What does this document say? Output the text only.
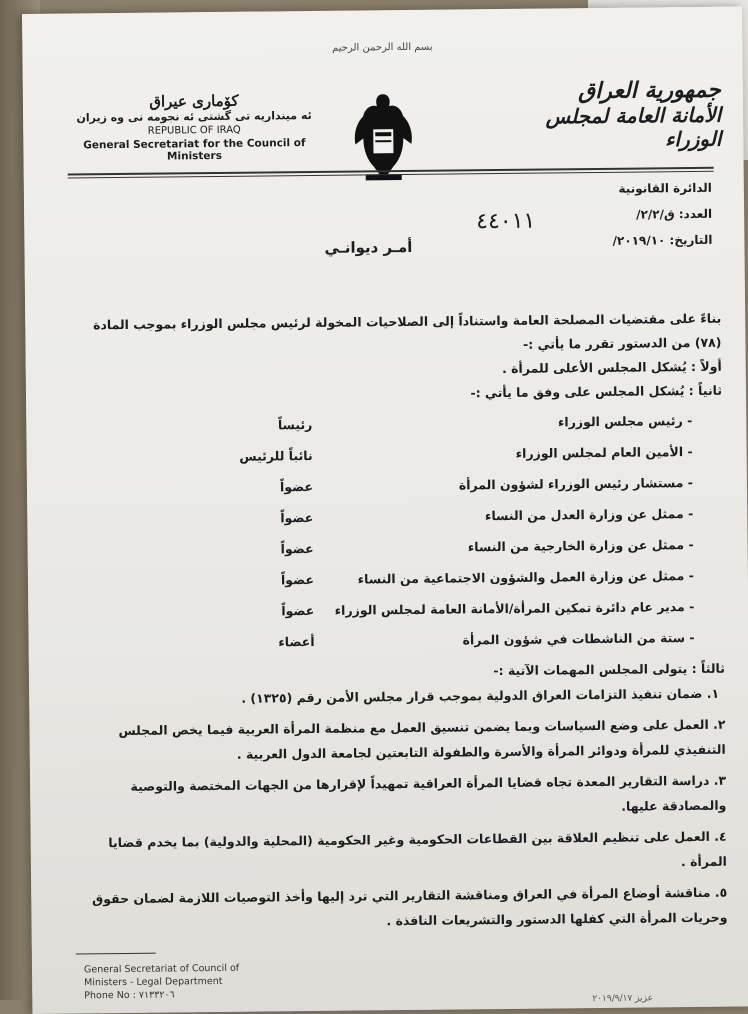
بسم الله الرحمن الرحيم
كۆماری عیراق
ئه مینداریه تی گشتی ئه نجومه نی وه زیران
REPUBLIC OF IRAQ
General Secretariat for the Council of Ministers
جمهورية العراق
الأمانة العامة لمجلس الوزراء
الدائرة القانونية
العدد: ق/٢/٢/
التاريخ: ٢٠١٩/١٠/
٤٤٠١١
أمـر ديوانـي

بناءً على مقتضيات المصلحة العامة واستناداً إلى الصلاحيات المخولة لرئيس مجلس الوزراء بموجب المادة (٧٨) من الدستور تقرر ما يأتي :-

أولاً : يُشكل المجلس الأعلى للمرأة .

ثانياً : يُشكل المجلس على وفق ما يأتي :-

- رئيس مجلس الوزراء
رئيساً
- الأمين العام لمجلس الوزراء
نائباً للرئيس
- مستشار رئيس الوزراء لشؤون المرأة
عضواً
- ممثل عن وزارة العدل من النساء
عضواً
- ممثل عن وزارة الخارجية من النساء
عضواً
- ممثل عن وزارة العمل والشؤون الاجتماعية من النساء
عضواً
- مدير عام دائرة تمكين المرأة/الأمانة العامة لمجلس الوزراء
عضواً
- ستة من الناشطات في شؤون المرأة
أعضاء

ثالثاً : يتولى المجلس المهمات الآتية :-

١. ضمان تنفيذ التزامات العراق الدولية بموجب قرار مجلس الأمن رقم (١٣٢٥) .

٢. العمل على وضع السياسات وبما يضمن تنسيق العمل مع منظمة المرأة العربية فيما يخص المجلس التنفيذي للمرأة ودوائر المرأة والأسرة والطفولة التابعتين لجامعة الدول العربية .

٣. دراسة التقارير المعدة تجاه قضايا المرأة العراقية تمهيداً لإقرارها من الجهات المختصة والتوصية والمصادقة عليها.

٤. العمل على تنظيم العلاقة بين القطاعات الحكومية وغير الحكومية (المحلية والدولية) بما يخدم قضايا المرأة .

٥. مناقشة أوضاع المرأة في العراق ومناقشة التقارير التي ترد إليها وأخذ التوصيات اللازمة لضمان حقوق وحريات المرأة التي كفلها الدستور والتشريعات النافذة .

General Secretariat of Council of
Ministers - Legal Department
Phone No : ٧١٣٣٢٠٦	عزيز ٢٠١٩/٩/١٧
